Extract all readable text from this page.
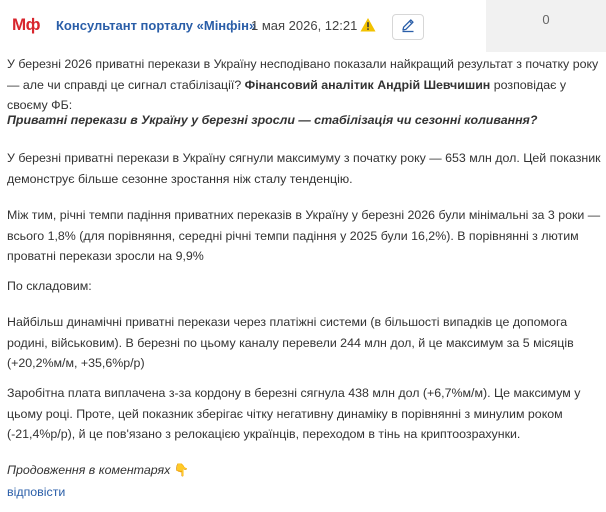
Мф Консультант порталу «Мінфін»
1 мая 2026, 12:21	0

У березні 2026 приватні перекази в Україну несподівано показали найкращий результат з початку року — але чи справді це сигнал стабілізації? Фінансовий аналітик Андрій Шевчишин розповідає у своєму ФБ:

Приватні перекази в Україну у березні зросли — стабілізація чи сезонні коливання?

У березні приватні перекази в Україну сягнули максимуму з початку року — 653 млн дол. Цей показник демонструє більше сезонне зростання ніж сталу тенденцію.

Між тим, річні темпи падіння приватних переказів в Україну у березні 2026 були мінімальні за 3 роки — всього 1,8% (для порівняння, середні річні темпи падіння у 2025 були 16,2%). В порівнянні з лютим проватні перекази зросли на 9,9%

По складовим:

Найбільш динамічні приватні перекази через платіжні системи (в більшості випадків це допомога родині, військовим). В березні по цьому каналу перевели 244 млн дол, й це максимум за 5 місяців (+20,2%м/м, +35,6%р/р)

Заробітна плата виплачена з-за кордону в березні сягнула 438 млн дол (+6,7%м/м). Це максимум у цьому році. Проте, цей показник зберігає чітку негативну динаміку в порівнянні з минулим роком (-21,4%р/р), й це пов'язано з релокацією українців, переходом в тінь на криптоозрахунки.

Продовження в коментарях 👇

відповісти
